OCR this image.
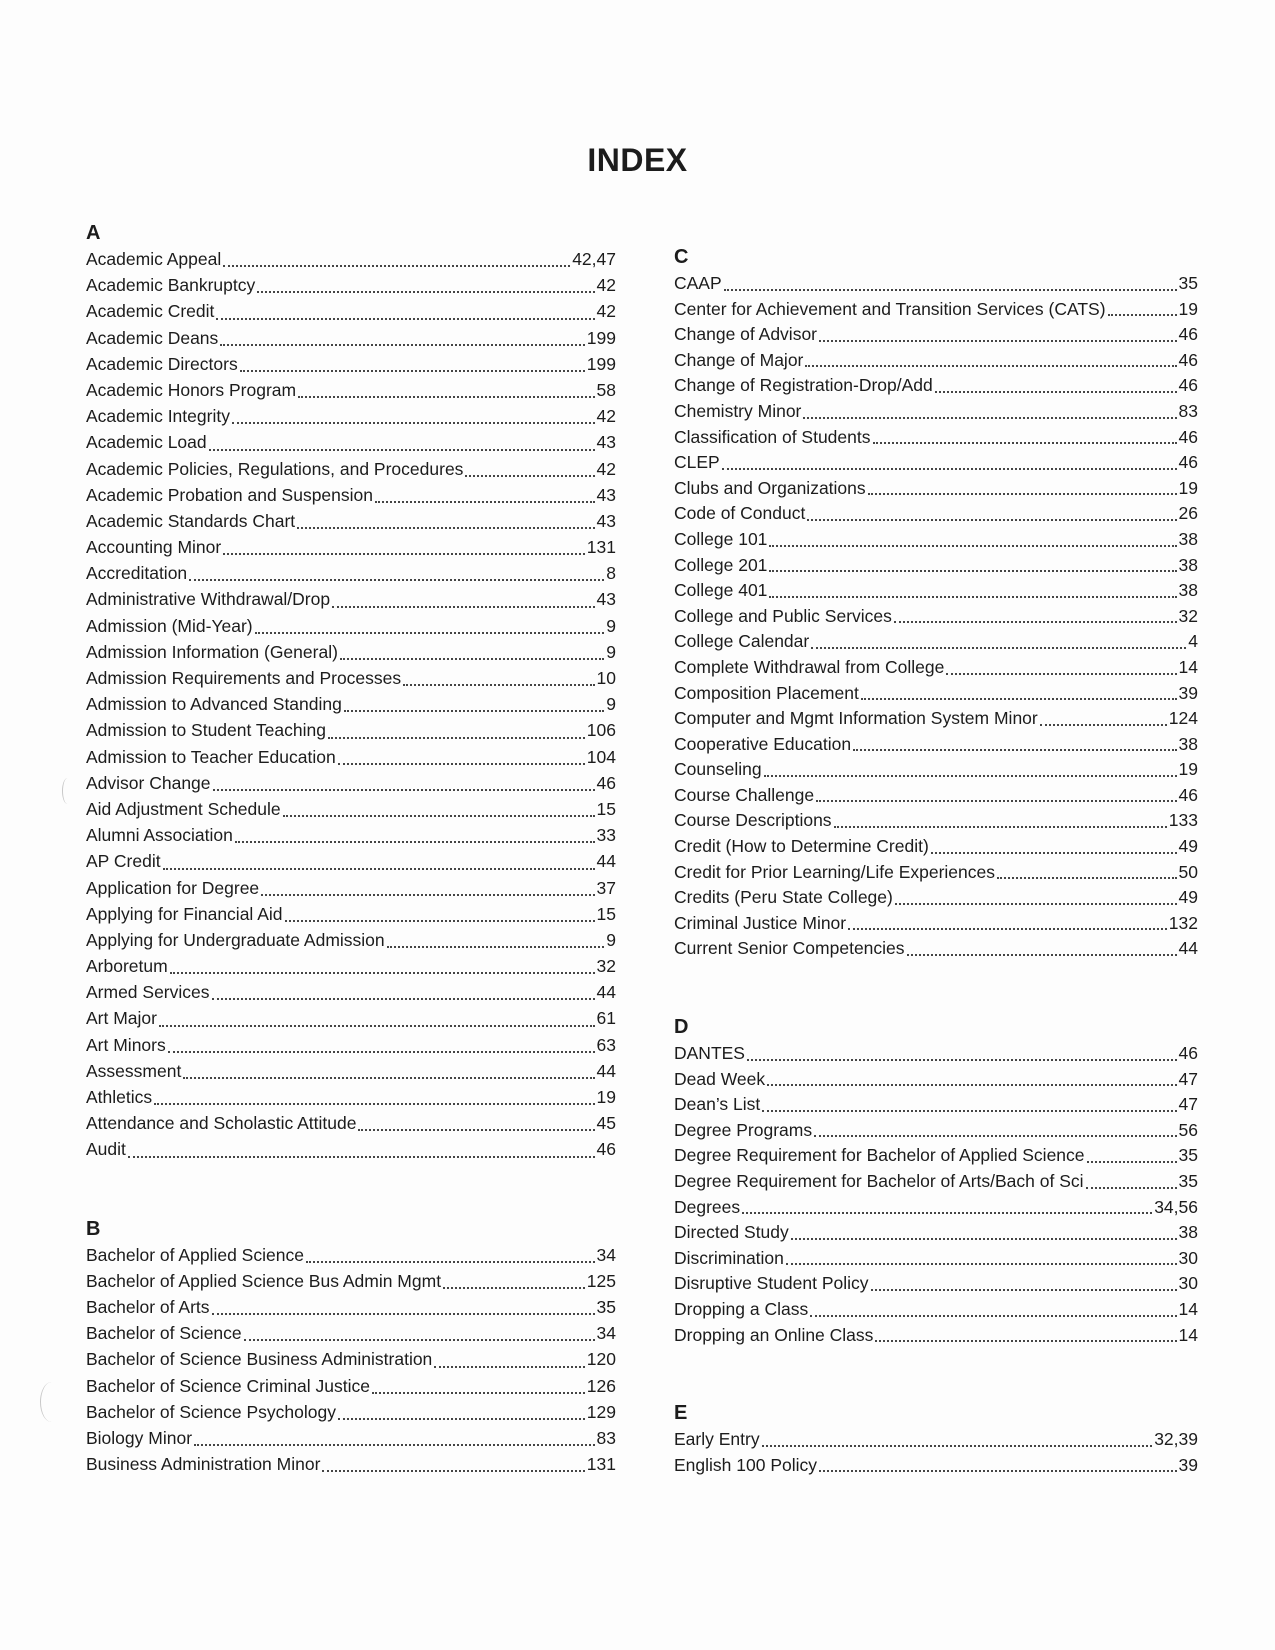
INDEX
A
Academic Appeal	42,47
Academic Bankruptcy	42
Academic Credit	42
Academic Deans	199
Academic Directors	199
Academic Honors Program	58
Academic Integrity	42
Academic Load	43
Academic Policies, Regulations, and Procedures	42
Academic Probation and Suspension	43
Academic Standards Chart	43
Accounting Minor	131
Accreditation	8
Administrative Withdrawal/Drop	43
Admission (Mid-Year)	9
Admission Information (General)	9
Admission Requirements and Processes	10
Admission to Advanced Standing	9
Admission to Student Teaching	106
Admission to Teacher Education	104
Advisor Change	46
Aid Adjustment Schedule	15
Alumni Association	33
AP Credit	44
Application for Degree	37
Applying for Financial Aid	15
Applying for Undergraduate Admission	9
Arboretum	32
Armed Services	44
Art Major	61
Art Minors	63
Assessment	44
Athletics	19
Attendance and Scholastic Attitude	45
Audit	46
B
Bachelor of Applied Science	34
Bachelor of Applied Science Bus Admin Mgmt	125
Bachelor of Arts	35
Bachelor of Science	34
Bachelor of Science Business Administration	120
Bachelor of Science Criminal Justice	126
Bachelor of Science Psychology	129
Biology Minor	83
Business Administration Minor	131
C
CAAP	35
Center for Achievement and Transition Services (CATS)	19
Change of Advisor	46
Change of Major	46
Change of Registration-Drop/Add	46
Chemistry Minor	83
Classification of Students	46
CLEP	46
Clubs and Organizations	19
Code of Conduct	26
College 101	38
College 201	38
College 401	38
College and Public Services	32
College Calendar	4
Complete Withdrawal from College	14
Composition Placement	39
Computer and Mgmt Information System Minor	124
Cooperative Education	38
Counseling	19
Course Challenge	46
Course Descriptions	133
Credit (How to Determine Credit)	49
Credit for Prior Learning/Life Experiences	50
Credits (Peru State College)	49
Criminal Justice Minor	132
Current Senior Competencies	44
D
DANTES	46
Dead Week	47
Dean’s List	47
Degree Programs	56
Degree Requirement for Bachelor of Applied Science	35
Degree Requirement for Bachelor of Arts/Bach of Sci	35
Degrees	34,56
Directed Study	38
Discrimination	30
Disruptive Student Policy	30
Dropping a Class	14
Dropping an Online Class	14
E
Early Entry	32,39
English 100 Policy	39
